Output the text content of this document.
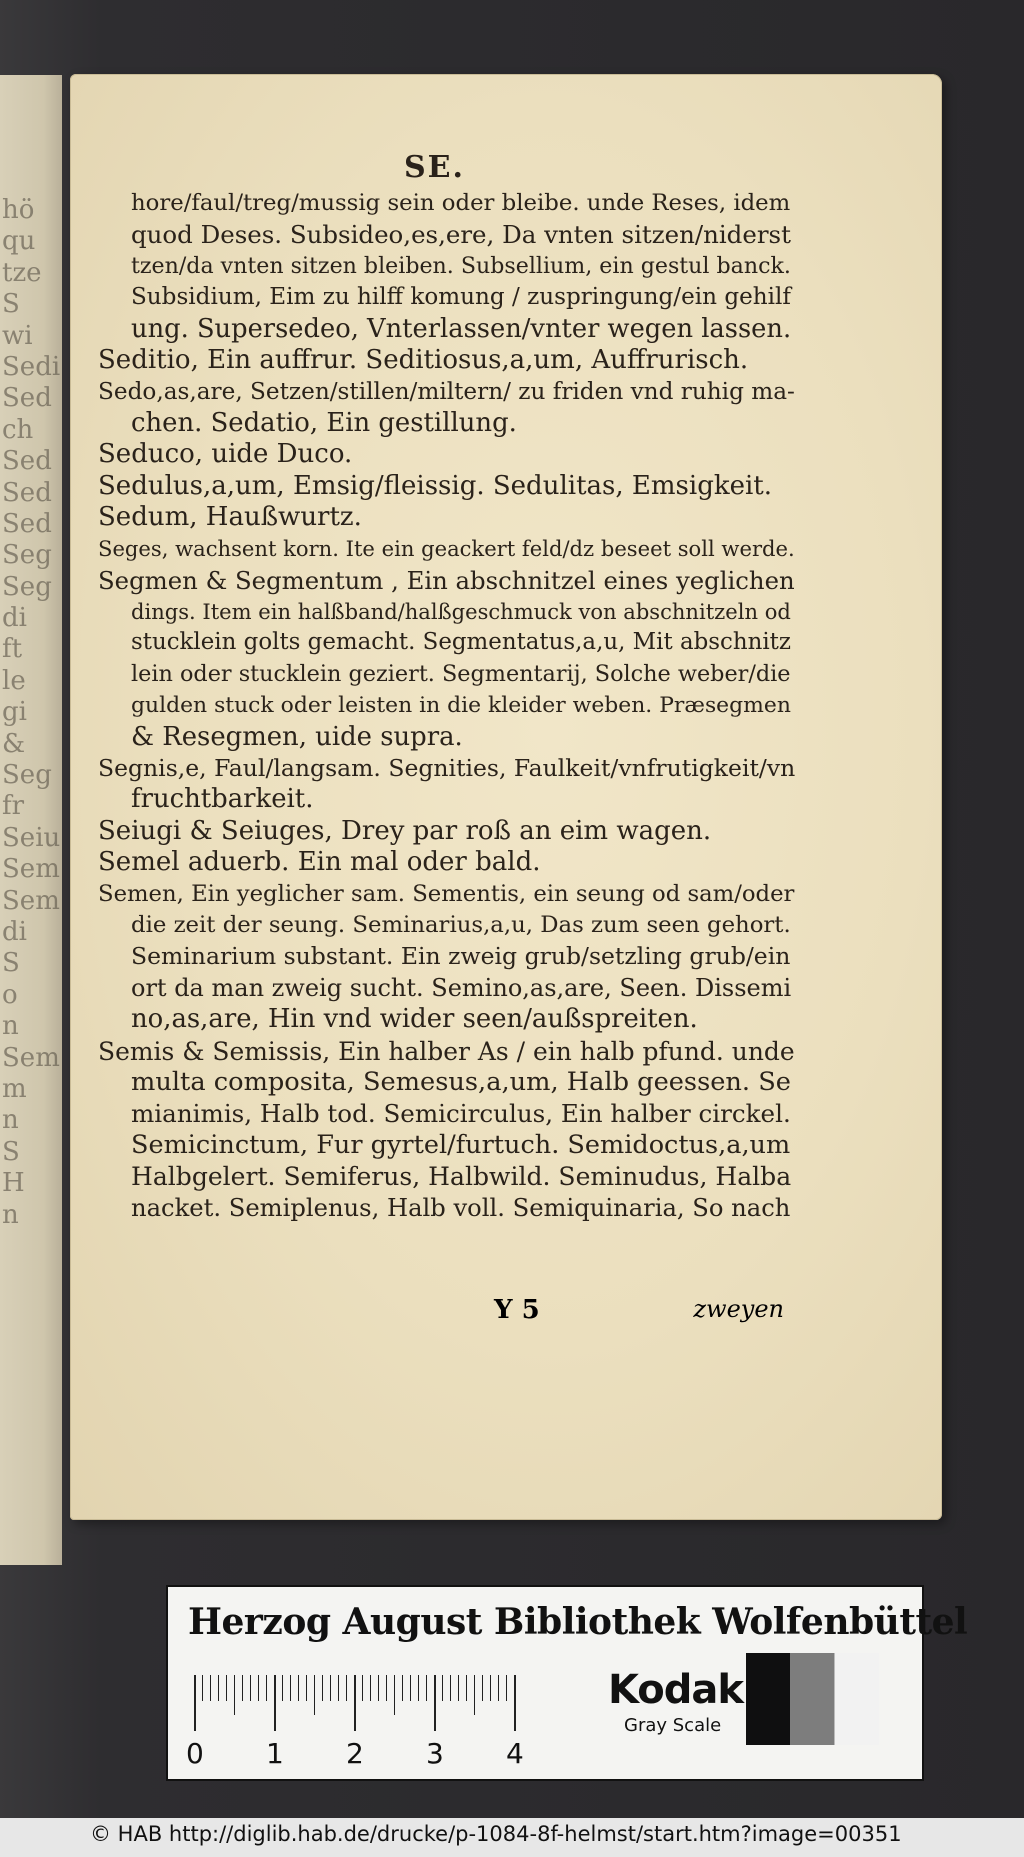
hö
qu
tze
S
wi
Sedi
Sed
ch
Sed
Sed
Sed
Seg
Seg
di
ft
le
gi
&
Seg
fr
Seiu
Sem
Sem
di
S
o
n
Sem
m
n
S
H
n
SE.
hore/faul/treg/mussig sein oder bleibe. unde Reses, idem
quod Deses. Subsideo,es,ere, Da vnten sitzen/niderst
tzen/da vnten sitzen bleiben. Subsellium, ein gestul banck.
Subsidium, Eim zu hilff komung / zuspringung/ein gehilf
ung. Supersedeo, Vnterlassen/vnter wegen lassen.
Seditio, Ein auffrur. Seditiosus,a,um, Auffrurisch.
Sedo,as,are, Setzen/stillen/miltern/ zu friden vnd ruhig ma-
chen. Sedatio, Ein gestillung.
Seduco, uide Duco.
Sedulus,a,um, Emsig/fleissig. Sedulitas, Emsigkeit.
Sedum, Haußwurtz.
Seges, wachsent korn. Ite ein geackert feld/dz beseet soll werde.
Segmen & Segmentum , Ein abschnitzel eines yeglichen
dings. Item ein halßband/halßgeschmuck von abschnitzeln od
stucklein golts gemacht. Segmentatus,a,u, Mit abschnitz
lein oder stucklein geziert. Segmentarij, Solche weber/die
gulden stuck oder leisten in die kleider weben. Præsegmen
& Resegmen, uide supra.
Segnis,e, Faul/langsam. Segnities, Faulkeit/vnfrutigkeit/vn
fruchtbarkeit.
Seiugi & Seiuges, Drey par roß an eim wagen.
Semel aduerb. Ein mal oder bald.
Semen, Ein yeglicher sam. Sementis, ein seung od sam/oder
die zeit der seung. Seminarius,a,u, Das zum seen gehort.
Seminarium substant. Ein zweig grub/setzling grub/ein
ort da man zweig sucht. Semino,as,are, Seen. Dissemi
no,as,are, Hin vnd wider seen/außspreiten.
Semis & Semissis, Ein halber As / ein halb pfund. unde
multa composita, Semesus,a,um, Halb geessen. Se
mianimis, Halb tod. Semicirculus, Ein halber circkel.
Semicinctum, Fur gyrtel/furtuch. Semidoctus,a,um
Halbgelert. Semiferus, Halbwild. Seminudus, Halba
nacket. Semiplenus, Halb voll. Semiquinaria, So nach
Y 5	zweyen
Herzog August Bibliothek Wolfenbüttel
0 1 2 3 4
Kodak
Gray Scale
© HAB http://diglib.hab.de/drucke/p-1084-8f-helmst/start.htm?image=00351
